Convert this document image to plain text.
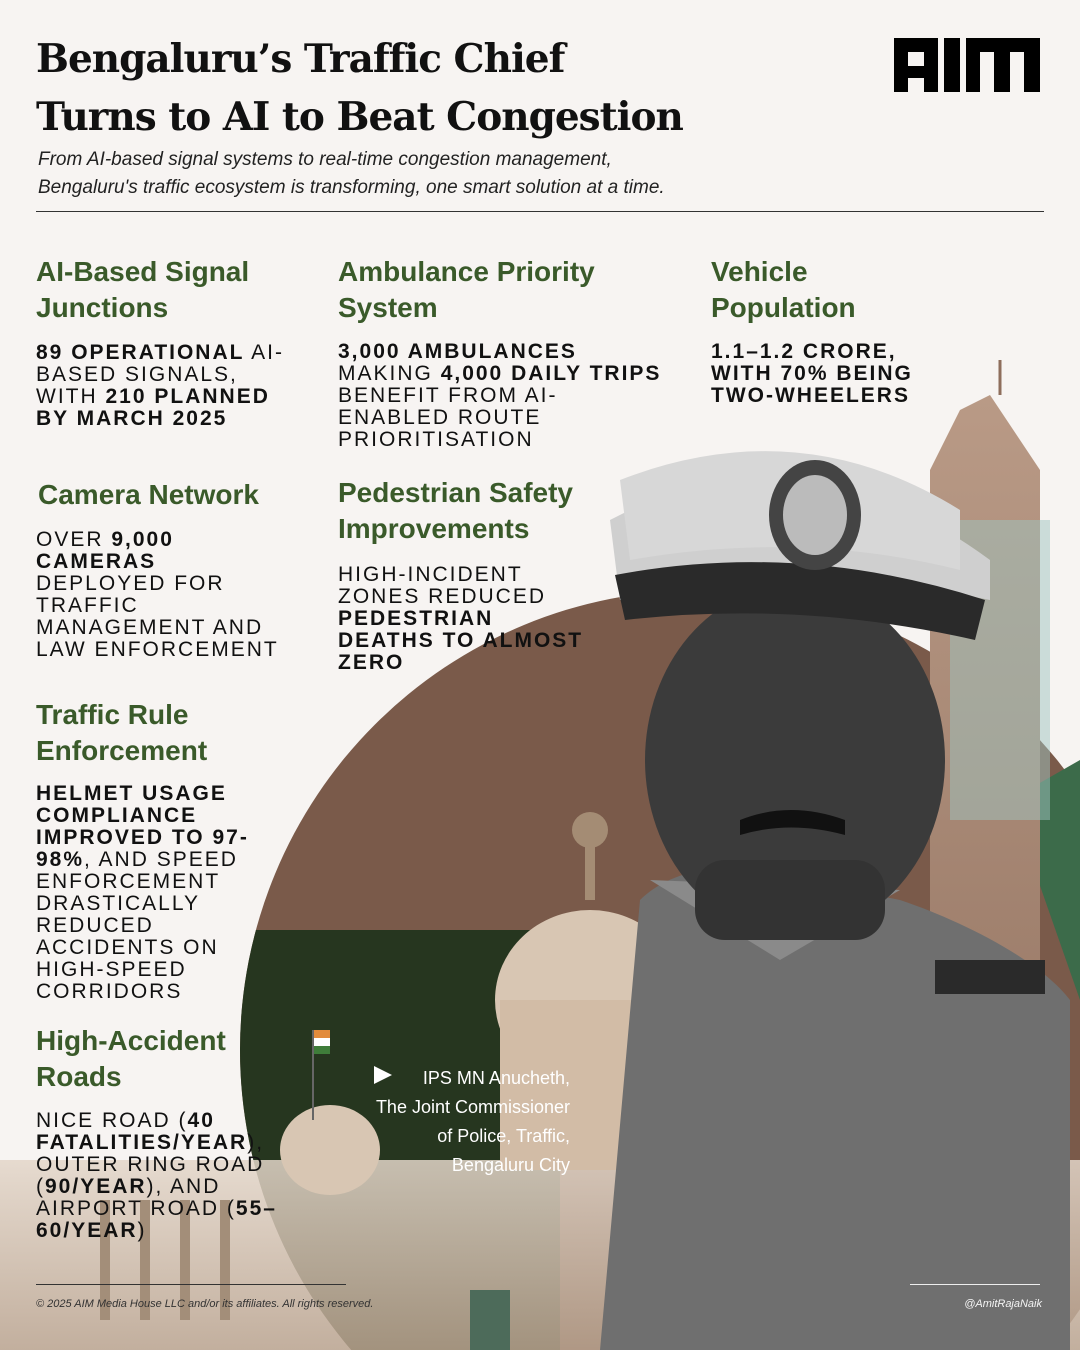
Bengaluru’s Traffic Chief
Turns to AI to Beat Congestion
From AI-based signal systems to real-time congestion management,
Bengaluru's traffic ecosystem is transforming, one smart solution at a time.
AI-Based Signal
Junctions
89 OPERATIONAL AI-BASED SIGNALS, WITH 210 PLANNED BY MARCH 2025
Camera Network
OVER 9,000 CAMERAS DEPLOYED FOR TRAFFIC MANAGEMENT AND LAW ENFORCEMENT
Traffic Rule
Enforcement
HELMET USAGE COMPLIANCE IMPROVED TO 97-98%, AND SPEED ENFORCEMENT DRASTICALLY REDUCED ACCIDENTS ON HIGH-SPEED CORRIDORS
High-Accident
Roads
NICE ROAD (40 FATALITIES/YEAR), OUTER RING ROAD (90/YEAR), AND AIRPORT ROAD (55–60/YEAR)
Ambulance Priority
System
3,000 AMBULANCES MAKING 4,000 DAILY TRIPS BENEFIT FROM AI-ENABLED ROUTE PRIORITISATION
Pedestrian Safety
Improvements
HIGH-INCIDENT ZONES REDUCED PEDESTRIAN DEATHS TO ALMOST ZERO
Vehicle
Population
1.1–1.2 CRORE, WITH 70% BEING TWO-WHEELERS
IPS MN Anucheth,
The Joint Commissioner
of Police, Traffic,
Bengaluru City
© 2025 AIM Media House LLC and/or its affiliates. All rights reserved.	@AmitRajaNaik
